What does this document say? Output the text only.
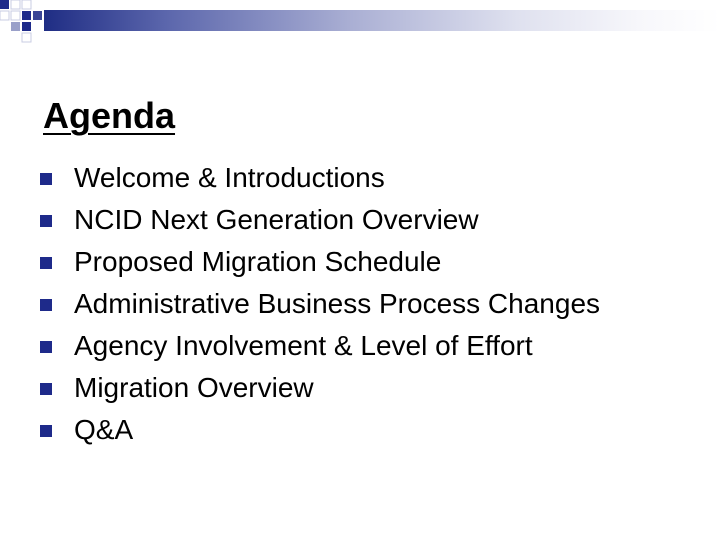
Agenda
Welcome & Introductions
NCID Next Generation Overview
Proposed Migration Schedule
Administrative Business Process Changes
Agency Involvement & Level of Effort
Migration Overview
Q&A
